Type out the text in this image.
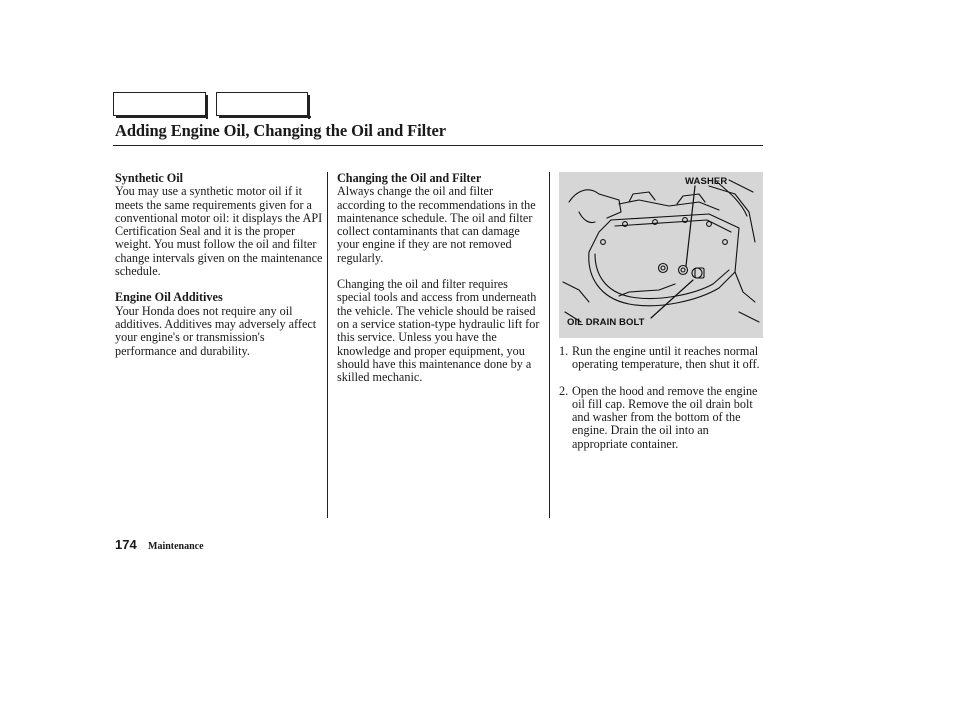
Adding Engine Oil, Changing the Oil and Filter
Synthetic Oil

You may use a synthetic motor oil if it meets the same requirements given for a conventional motor oil: it displays the API Certification Seal and it is the proper weight. You must follow the oil and filter change intervals given on the maintenance schedule.

Engine Oil Additives

Your Honda does not require any oil additives. Additives may adversely affect your engine's or transmission's performance and durability.

Changing the Oil and Filter

Always change the oil and filter according to the recommendations in the maintenance schedule. The oil and filter collect contaminants that can damage your engine if they are not removed regularly.

Changing the oil and filter requires special tools and access from underneath the vehicle. The vehicle should be raised on a service station-type hydraulic lift for this service. Unless you have the knowledge and proper equipment, you should have this maintenance done by a skilled mechanic.

WASHER
OIL DRAIN BOLT
1. Run the engine until it reaches normal operating temperature, then shut it off.
2. Open the hood and remove the engine oil fill cap. Remove the oil drain bolt and washer from the bottom of the engine. Drain the oil into an appropriate container.
174 Maintenance
